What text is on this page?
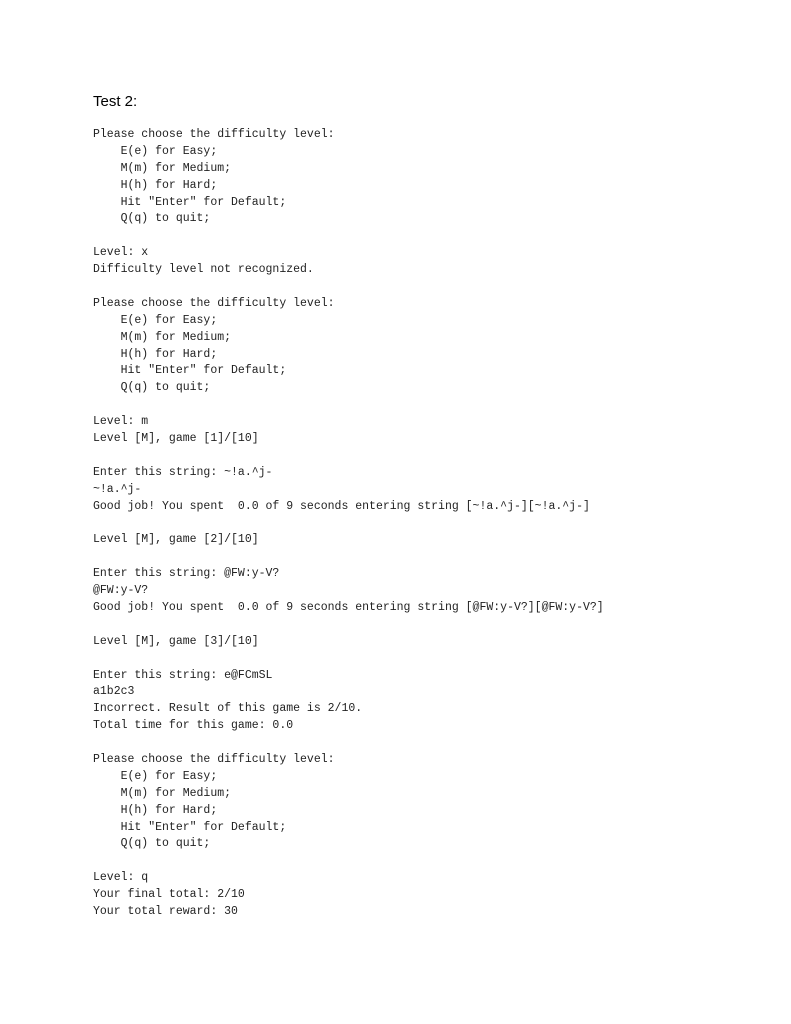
Test 2:
Please choose the difficulty level:
E(e) for Easy;
M(m) for Medium;
H(h) for Hard;
Hit "Enter" for Default;
Q(q) to quit;
Level: x
Difficulty level not recognized.
Please choose the difficulty level:
E(e) for Easy;
M(m) for Medium;
H(h) for Hard;
Hit "Enter" for Default;
Q(q) to quit;
Level: m
Level [M], game [1]/[10]
Enter this string: ~!a.^j-
~!a.^j-
Good job! You spent  0.0 of 9 seconds entering string [~!a.^j-][~!a.^j-]
Level [M], game [2]/[10]
Enter this string: @FW:y-V?
@FW:y-V?
Good job! You spent  0.0 of 9 seconds entering string [@FW:y-V?][@FW:y-V?]
Level [M], game [3]/[10]
Enter this string: e@FCmSL
a1b2c3
Incorrect. Result of this game is 2/10.
Total time for this game: 0.0
Please choose the difficulty level:
E(e) for Easy;
M(m) for Medium;
H(h) for Hard;
Hit "Enter" for Default;
Q(q) to quit;
Level: q
Your final total: 2/10
Your total reward: 30
